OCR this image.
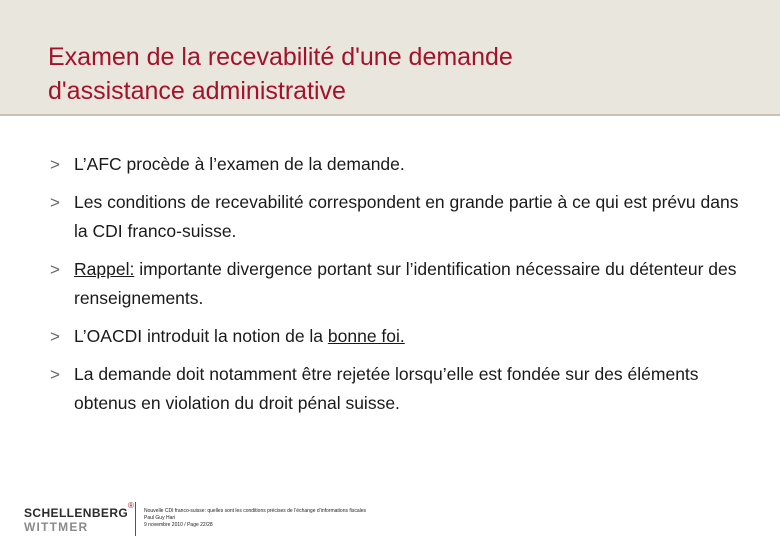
Examen de la recevabilité d'une demande
d'assistance administrative
> L’AFC procède à l’examen de la demande.
> Les conditions de recevabilité correspondent en grande partie à ce qui est prévu dans la CDI franco-suisse.
> Rappel: importante divergence portant sur l’identification nécessaire du détenteur des renseignements.
> L’OACDI introduit la notion de la bonne foi.
> La demande doit notamment être rejetée lorsqu’elle est fondée sur des éléments obtenus en violation du droit pénal suisse.
SCHELLENBERG
®
WITTMER
Nouvelle CDI franco-suisse: quelles sont les conditions précises de l’échange d’informations fiscales
Paul Guy Hari
9 novembre 2010 / Page 22/28
